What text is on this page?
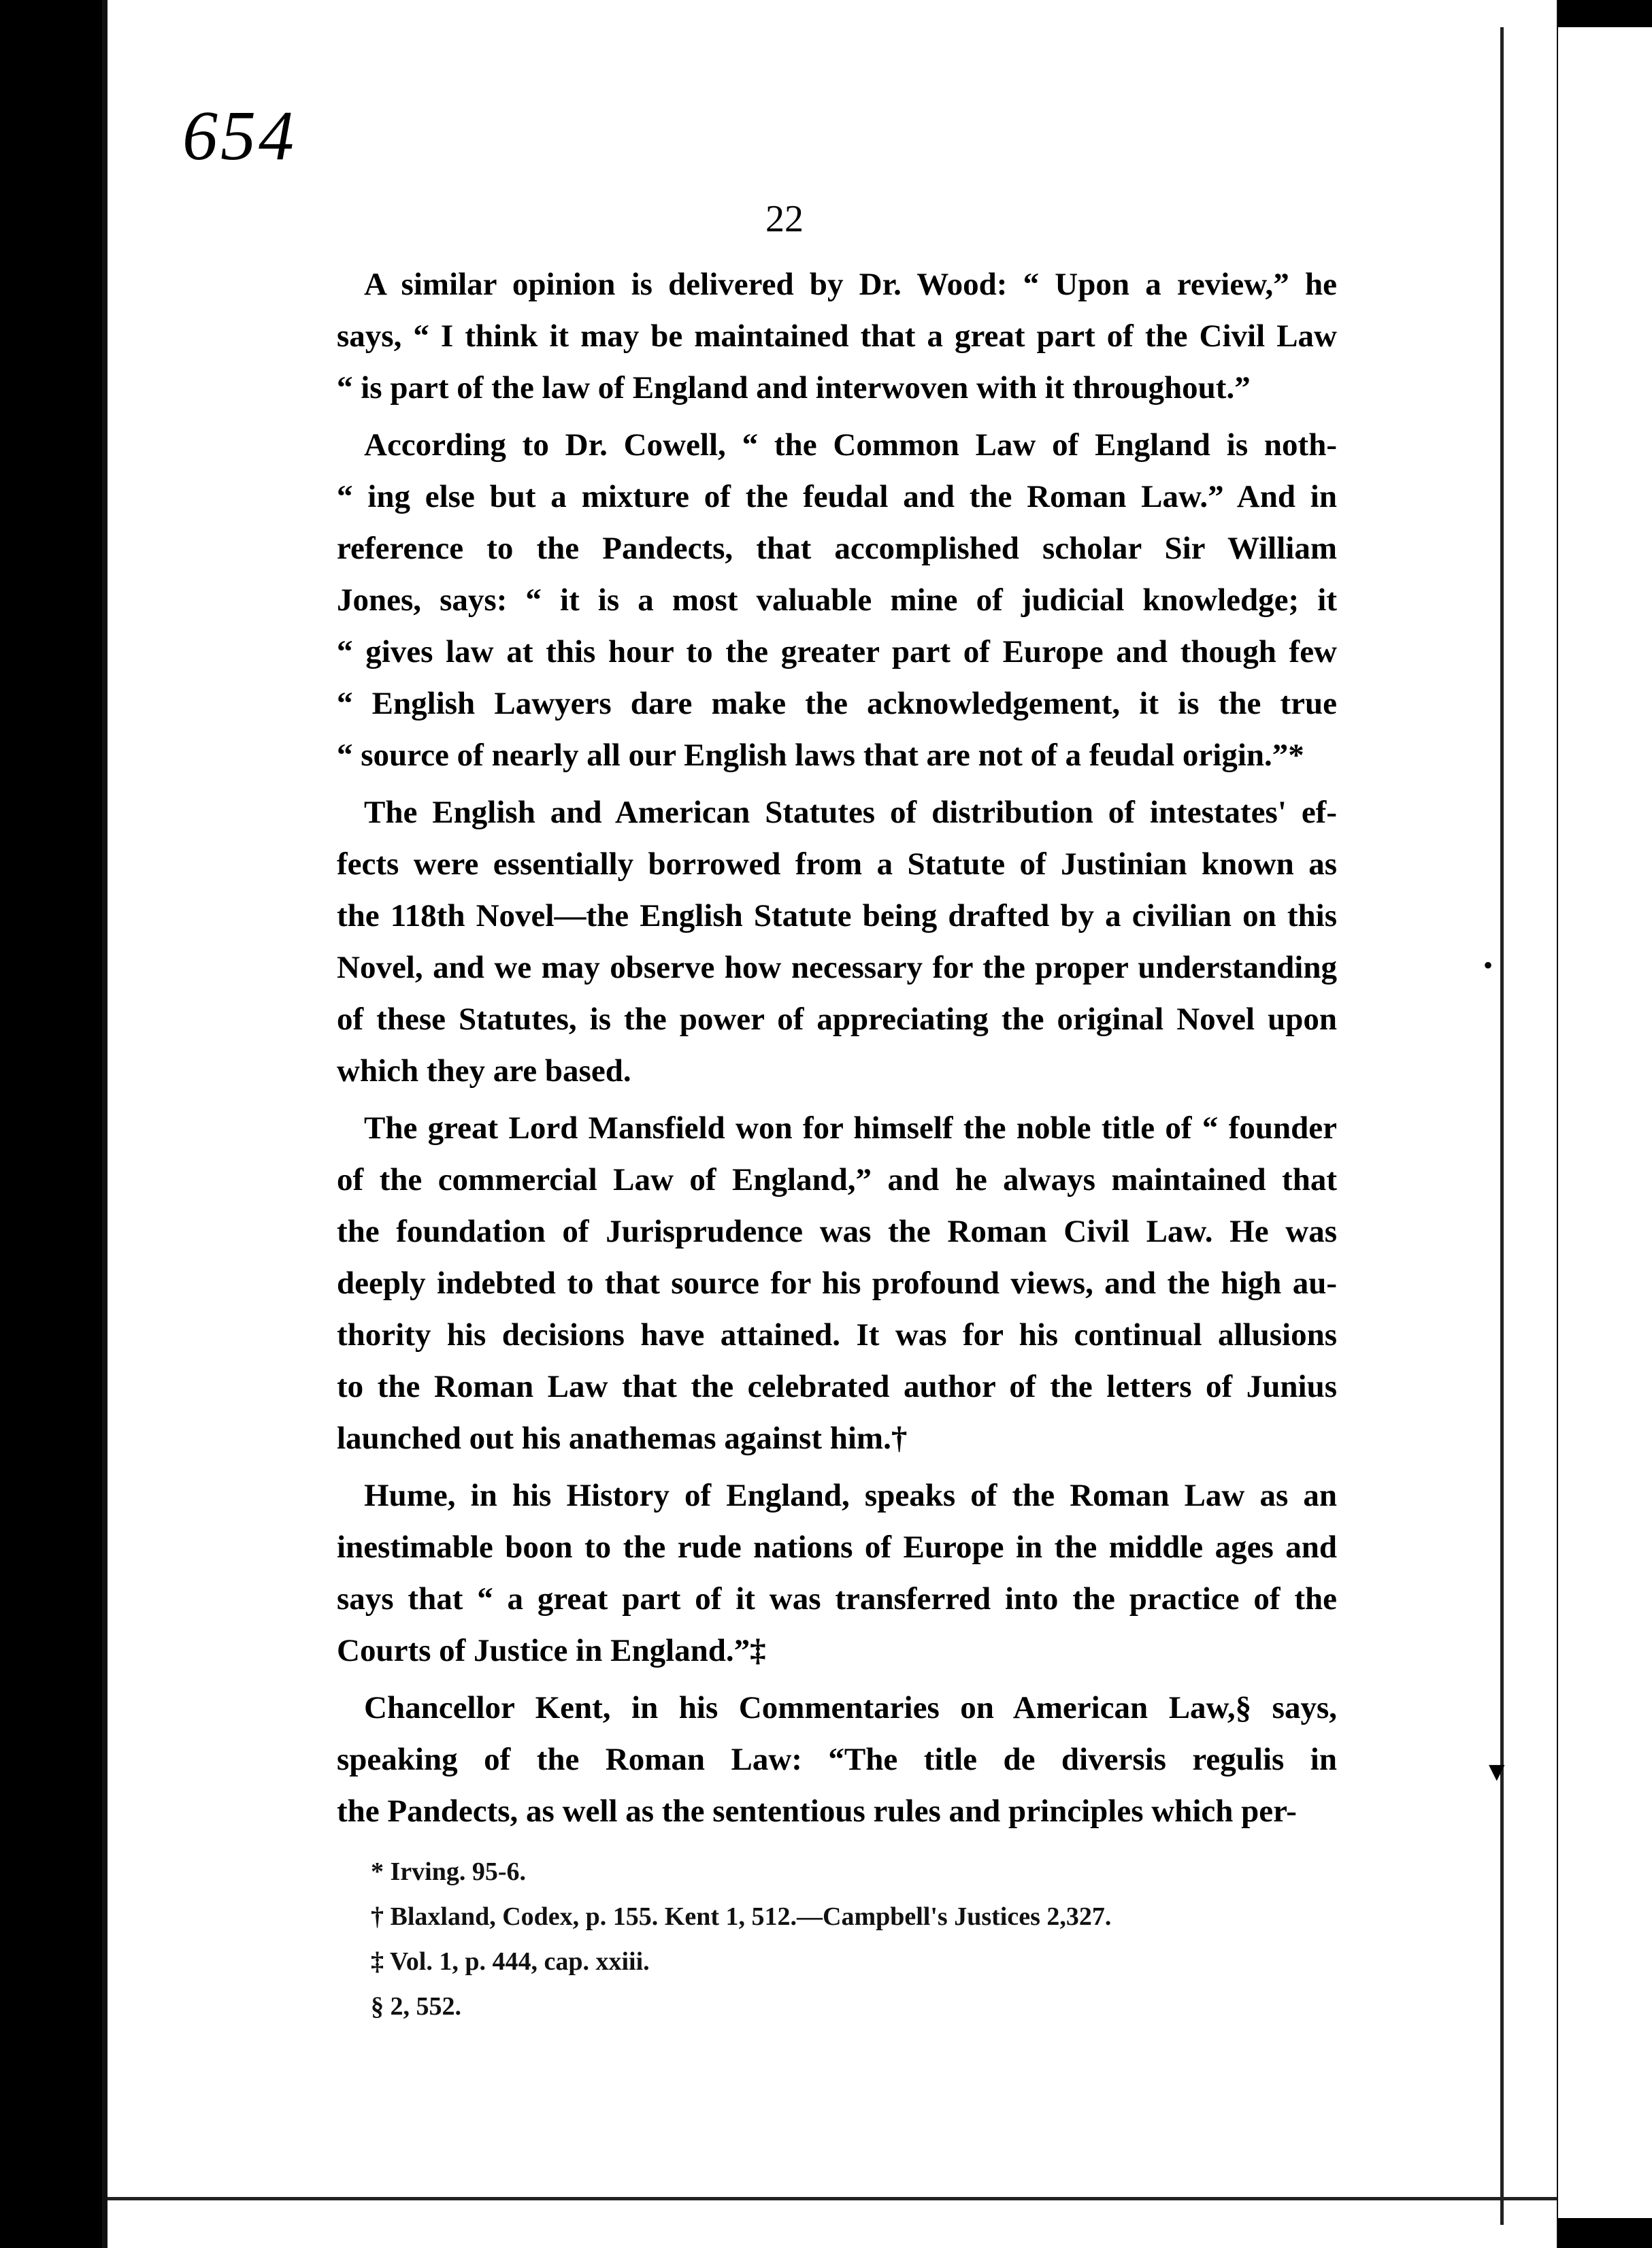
654
22
A similar opinion is delivered by Dr. Wood: “ Upon a review,” he
says, “ I think it may be maintained that a great part of the Civil Law
“ is part of the law of England and interwoven with it throughout.”
According to Dr. Cowell, “ the Common Law of England is noth-
“ ing else but a mixture of the feudal and the Roman Law.” And in
reference to the Pandects, that accomplished scholar Sir William
Jones, says: “ it is a most valuable mine of judicial knowledge; it
“ gives law at this hour to the greater part of Europe and though few
“ English Lawyers dare make the acknowledgement, it is the true
“ source of nearly all our English laws that are not of a feudal origin.”*
The English and American Statutes of distribution of intestates' ef-
fects were essentially borrowed from a Statute of Justinian known as
the 118th Novel—the English Statute being drafted by a civilian on this
Novel, and we may observe how necessary for the proper understanding
of these Statutes, is the power of appreciating the original Novel upon
which they are based.
The great Lord Mansfield won for himself the noble title of “ founder
of the commercial Law of England,” and he always maintained that
the foundation of Jurisprudence was the Roman Civil Law. He was
deeply indebted to that source for his profound views, and the high au-
thority his decisions have attained. It was for his continual allusions
to the Roman Law that the celebrated author of the letters of Junius
launched out his anathemas against him.†
Hume, in his History of England, speaks of the Roman Law as an
inestimable boon to the rude nations of Europe in the middle ages and
says that “ a great part of it was transferred into the practice of the
Courts of Justice in England.”‡
Chancellor Kent, in his Commentaries on American Law,§ says,
speaking of the Roman Law: “The title de diversis regulis in
the Pandects, as well as the sententious rules and principles which per-
* Irving. 95-6.
† Blaxland, Codex, p. 155. Kent 1, 512.—Campbell's Justices 2,327.
‡ Vol. 1, p. 444, cap. xxiii.
§ 2, 552.
•
▼
